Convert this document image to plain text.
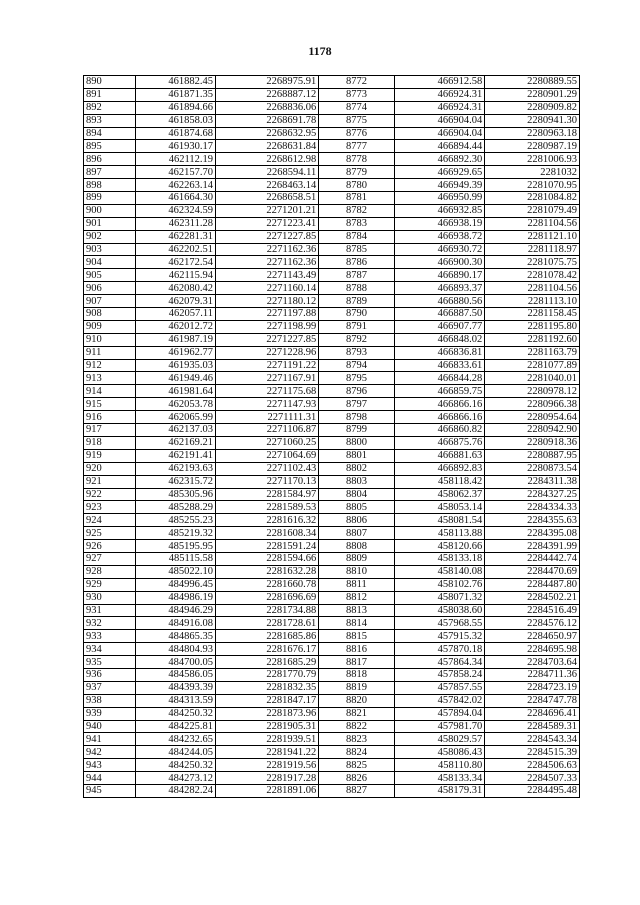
1178
890	461882.45	2268975.91	8772	466912.58	2280889.55
891	461871.35	2268887.12	8773	466924.31	2280901.29
892	461894.66	2268836.06	8774	466924.31	2280909.82
893	461858.03	2268691.78	8775	466904.04	2280941.30
894	461874.68	2268632.95	8776	466904.04	2280963.18
895	461930.17	2268631.84	8777	466894.44	2280987.19
896	462112.19	2268612.98	8778	466892.30	2281006.93
897	462157.70	2268594.11	8779	466929.65	2281032
898	462263.14	2268463.14	8780	466949.39	2281070.95
899	461664.30	2268658.51	8781	466950.99	2281084.82
900	462324.59	2271201.21	8782	466932.85	2281079.49
901	462311.28	2271223.41	8783	466938.19	2281104.56
902	462281.31	2271227.85	8784	466938.72	2281121.10
903	462202.51	2271162.36	8785	466930.72	2281118.97
904	462172.54	2271162.36	8786	466900.30	2281075.75
905	462115.94	2271143.49	8787	466890.17	2281078.42
906	462080.42	2271160.14	8788	466893.37	2281104.56
907	462079.31	2271180.12	8789	466880.56	2281113.10
908	462057.11	2271197.88	8790	466887.50	2281158.45
909	462012.72	2271198.99	8791	466907.77	2281195.80
910	461987.19	2271227.85	8792	466848.02	2281192.60
911	461962.77	2271228.96	8793	466836.81	2281163.79
912	461935.03	2271191.22	8794	466833.61	2281077.89
913	461949.46	2271167.91	8795	466844.28	2281040.01
914	461981.64	2271175.68	8796	466859.75	2280978.12
915	462053.78	2271147.93	8797	466866.16	2280966.38
916	462065.99	2271111.31	8798	466866.16	2280954.64
917	462137.03	2271106.87	8799	466860.82	2280942.90
918	462169.21	2271060.25	8800	466875.76	2280918.36
919	462191.41	2271064.69	8801	466881.63	2280887.95
920	462193.63	2271102.43	8802	466892.83	2280873.54
921	462315.72	2271170.13	8803	458118.42	2284311.38
922	485305.96	2281584.97	8804	458062.37	2284327.25
923	485288.29	2281589.53	8805	458053.14	2284334.33
924	485255.23	2281616.32	8806	458081.54	2284355.63
925	485219.32	2281608.34	8807	458113.88	2284395.08
926	485195.95	2281591.24	8808	458120.66	2284391.99
927	485115.58	2281594.66	8809	458133.18	2284442.74
928	485022.10	2281632.28	8810	458140.08	2284470.69
929	484996.45	2281660.78	8811	458102.76	2284487.80
930	484986.19	2281696.69	8812	458071.32	2284502.21
931	484946.29	2281734.88	8813	458038.60	2284516.49
932	484916.08	2281728.61	8814	457968.55	2284576.12
933	484865.35	2281685.86	8815	457915.32	2284650.97
934	484804.93	2281676.17	8816	457870.18	2284695.98
935	484700.05	2281685.29	8817	457864.34	2284703.64
936	484586.05	2281770.79	8818	457858.24	2284711.36
937	484393.39	2281832.35	8819	457857.55	2284723.19
938	484313.59	2281847.17	8820	457842.02	2284747.78
939	484250.32	2281873.96	8821	457894.04	2284696.41
940	484225.81	2281905.31	8822	457981.70	2284589.31
941	484232.65	2281939.51	8823	458029.57	2284543.34
942	484244.05	2281941.22	8824	458086.43	2284515.39
943	484250.32	2281919.56	8825	458110.80	2284506.63
944	484273.12	2281917.28	8826	458133.34	2284507.33
945	484282.24	2281891.06	8827	458179.31	2284495.48
